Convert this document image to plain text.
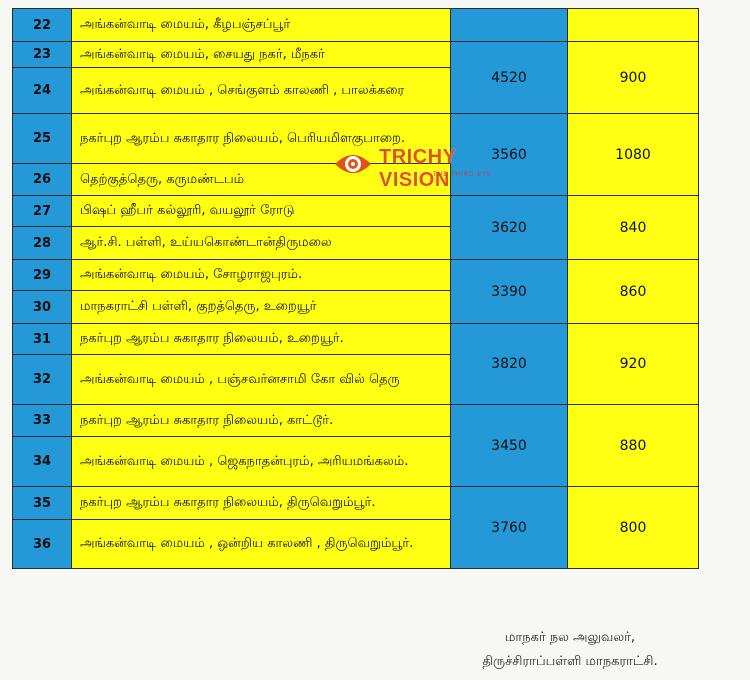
22	அங்கன்வாடி மையம், கீழபஞ்சப்பூர்		
23	அங்கன்வாடி மையம், சையது நகர், மீநகர்	4520	900
24	அங்கன்வாடி மையம் , செங்குளம் காலணி , பாலக்கரை		
25	நகர்புற ஆரம்ப சுகாதார நிலையம், பெரியமிளகுபாறை.	3560	1080
26	தெற்குத்தெரு, கருமண்டபம்		
27	பிஷப் ஹீபர் கல்லூரி, வயலூர் ரோடு	3620	840
28	ஆர்.சி. பள்ளி, உய்யகொண்டான்திருமலை		
29	அங்கன்வாடி மையம், சோழராஜபுரம்.	3390	860
30	மாநகராட்சி பள்ளி, குறத்தெரு, உறையூர்		
31	நகர்புற ஆரம்ப சுகாதார நிலையம், உறையூர்.	3820	920
32	அங்கன்வாடி மையம் , பஞ்சவர்னசாமி கோ வில் தெரு		
33	நகர்புற ஆரம்ப சுகாதார நிலையம், காட்டூர்.	3450	880
34	அங்கன்வாடி மையம் , ஜெகநாதன்புரம், அரியமங்கலம்.		
35	நகர்புற ஆரம்ப சுகாதார நிலையம், திருவெறும்பூர்.	3760	800
36	அங்கன்வாடி மையம் , ஒன்றிய காலணி , திருவெறும்பூர்.		
TRICHY VISION
THE THIRD EYE
மாநகர் நல அலுவலர்,
திருச்சிராப்பள்ளி மாநகராட்சி.
